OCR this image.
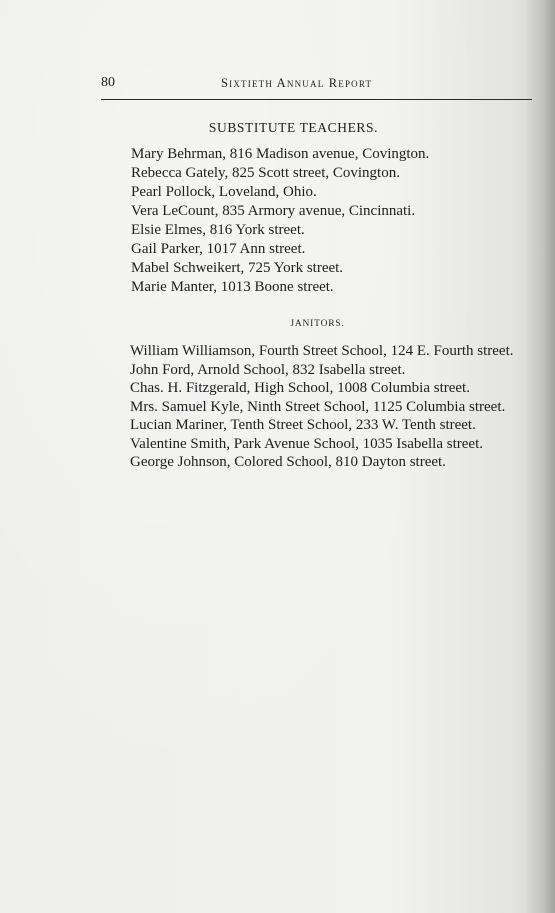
80	Sixtieth Annual Report
SUBSTITUTE TEACHERS.
Mary Behrman, 816 Madison avenue, Covington.
Rebecca Gately, 825 Scott street, Covington.
Pearl Pollock, Loveland, Ohio.
Vera LeCount, 835 Armory avenue, Cincinnati.
Elsie Elmes, 816 York street.
Gail Parker, 1017 Ann street.
Mabel Schweikert, 725 York street.
Marie Manter, 1013 Boone street.
JANITORS.
William Williamson, Fourth Street School, 124 E. Fourth street.
John Ford, Arnold School, 832 Isabella street.
Chas. H. Fitzgerald, High School, 1008 Columbia street.
Mrs. Samuel Kyle, Ninth Street School, 1125 Columbia street.
Lucian Mariner, Tenth Street School, 233 W. Tenth street.
Valentine Smith, Park Avenue School, 1035 Isabella street.
George Johnson, Colored School, 810 Dayton street.
